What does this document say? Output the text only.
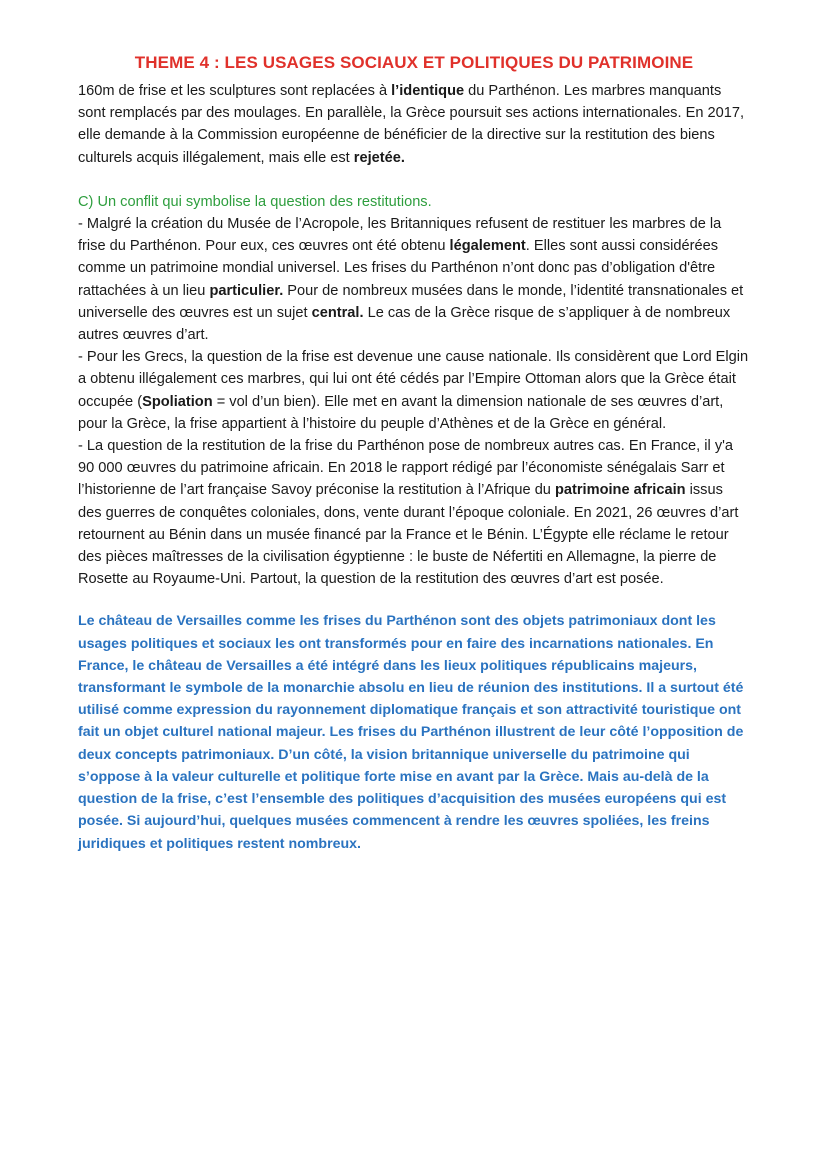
THEME 4 : LES USAGES SOCIAUX ET POLITIQUES DU PATRIMOINE

160m de frise et les sculptures sont replacées à l’identique du Parthénon. Les marbres manquants sont remplacés par des moulages. En parallèle, la Grèce poursuit ses actions internationales. En 2017, elle demande à la Commission européenne de bénéficier de la directive sur la restitution des biens culturels acquis illégalement, mais elle est rejetée.

C) Un conflit qui symbolise la question des restitutions.

- Malgré la création du Musée de l’Acropole, les Britanniques refusent de restituer les marbres de la frise du Parthénon. Pour eux, ces œuvres ont été obtenu légalement. Elles sont aussi considérées comme un patrimoine mondial universel. Les frises du Parthénon n’ont donc pas d’obligation d'être rattachées à un lieu particulier. Pour de nombreux musées dans le monde, l’identité transnationales et universelle des œuvres est un sujet central. Le cas de la Grèce risque de s’appliquer à de nombreux autres œuvres d’art.

- Pour les Grecs, la question de la frise est devenue une cause nationale. Ils considèrent que Lord Elgin a obtenu illégalement ces marbres, qui lui ont été cédés par l’Empire Ottoman alors que la Grèce était occupée (Spoliation = vol d’un bien). Elle met en avant la dimension nationale de ses œuvres d’art, pour la Grèce, la frise appartient à l’histoire du peuple d’Athènes et de la Grèce en général.

- La question de la restitution de la frise du Parthénon pose de nombreux autres cas. En France, il y'a 90 000 œuvres du patrimoine africain. En 2018 le rapport rédigé par l’économiste sénégalais Sarr et l’historienne de l’art française Savoy préconise la restitution à l’Afrique du patrimoine africain issus des guerres de conquêtes coloniales, dons, vente durant l’époque coloniale. En 2021, 26 œuvres d’art retournent au Bénin dans un musée financé par la France et le Bénin. L’Égypte elle réclame le retour des pièces maîtresses de la civilisation égyptienne : le buste de Néfertiti en Allemagne, la pierre de Rosette au Royaume-Uni. Partout, la question de la restitution des œuvres d’art est posée.

Le château de Versailles comme les frises du Parthénon sont des objets patrimoniaux dont les usages politiques et sociaux les ont transformés pour en faire des incarnations nationales. En France, le château de Versailles a été intégré dans les lieux politiques républicains majeurs, transformant le symbole de la monarchie absolu en lieu de réunion des institutions. Il a surtout été utilisé comme expression du rayonnement diplomatique français et son attractivité touristique ont fait un objet culturel national majeur. Les frises du Parthénon illustrent de leur côté l’opposition de deux concepts patrimoniaux. D’un côté, la vision britannique universelle du patrimoine qui s’oppose à la valeur culturelle et politique forte mise en avant par la Grèce. Mais au-delà de la question de la frise, c’est l’ensemble des politiques d’acquisition des musées européens qui est posée. Si aujourd’hui, quelques musées commencent à rendre les œuvres spoliées, les freins juridiques et politiques restent nombreux.
